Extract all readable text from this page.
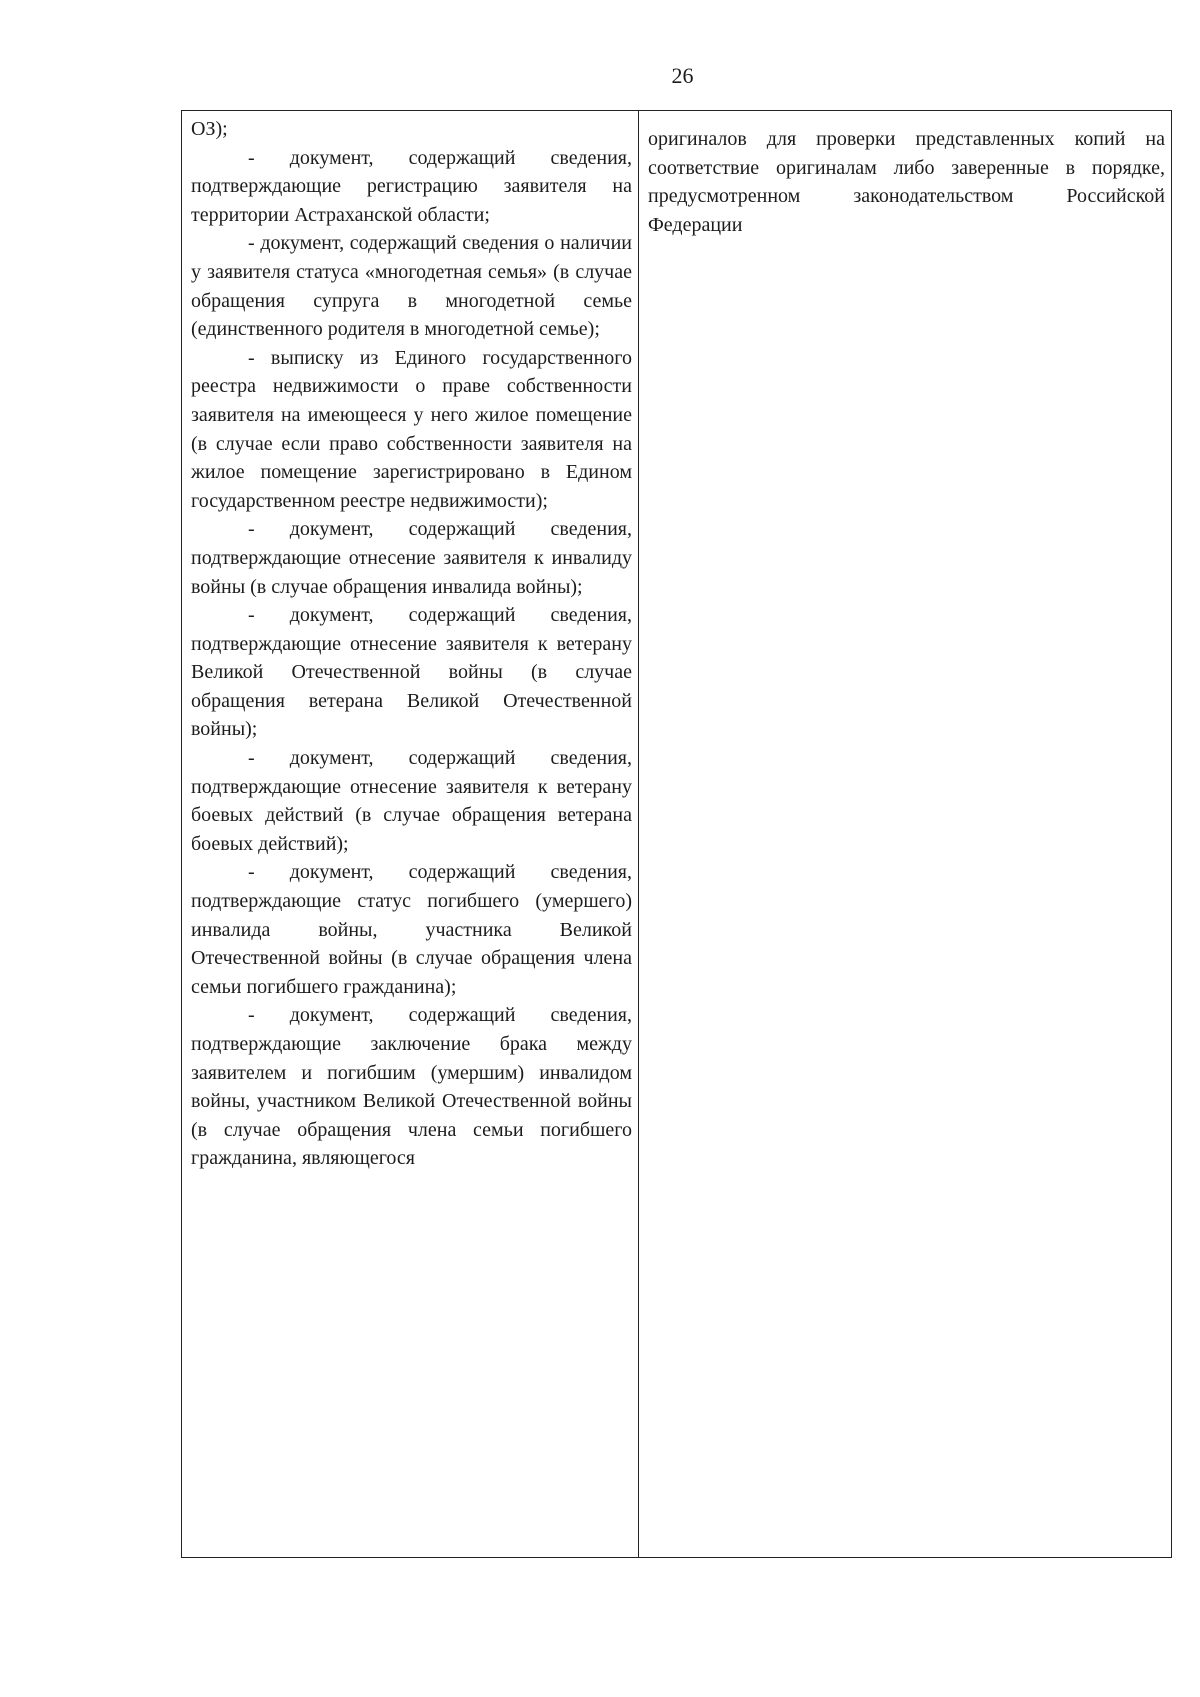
26

ОЗ);

- документ, содержащий сведения, подтверждающие регистрацию заявителя на территории Астраханской области;

- документ, содержащий сведения о наличии у заявителя статуса «многодетная семья» (в случае обращения супруга в многодетной семье (единственного родителя в многодетной семье);

- выписку из Единого государственного реестра недвижимости о праве собственности заявителя на имеющееся у него жилое помещение (в случае если право собственности заявителя на жилое помещение зарегистрировано в Едином государственном реестре недвижимости);

- документ, содержащий сведения, подтверждающие отнесение заявителя к инвалиду войны (в случае обращения инвалида войны);

- документ, содержащий сведения, подтверждающие отнесение заявителя к ветерану Великой Отечественной войны (в случае обращения ветерана Великой Отечественной войны);

- документ, содержащий сведения, подтверждающие отнесение заявителя к ветерану боевых действий (в случае обращения ветерана боевых действий);

- документ, содержащий сведения, подтверждающие статус погибшего (умершего) инвалида войны, участника Великой Отечественной войны (в случае обращения члена семьи погибшего гражданина);

- документ, содержащий сведения, подтверждающие заключение брака между заявителем и погибшим (умершим) инвалидом войны, участником Великой Отечественной войны (в случае обращения члена семьи погибшего гражданина, являющегося

оригиналов для проверки представленных копий на соответствие оригиналам либо заверенные в порядке, предусмотренном законодательством Российской Федерации
